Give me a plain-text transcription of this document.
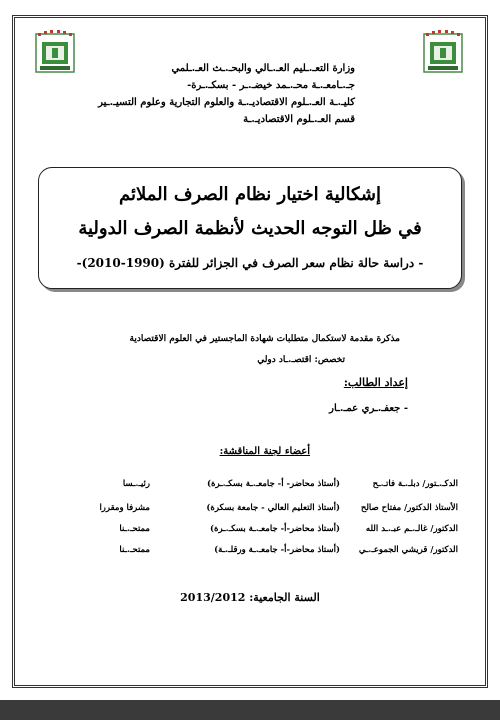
وزارة التعـ.ـليم العـ.ـالي والبحـ.ـث العـ.ـلمي
جـ.ـامعـ.ـة محـ.ـمد خيضـ.ـر - بسكـ.ـرة-
كليـ.ـة العـ.ـلوم الاقتصاديـ.ـة والعلوم التجارية وعلوم التسيـ.ـير
قسم العـ.ـلوم الاقتصاديـ.ـة
إشكالية اختيار نظام الصرف الملائم
في ظل التوجه الحديث لأنظمة الصرف الدولية
- دراسة حالة نظام سعر الصرف في الجزائر للفترة (1990-2010)-
مذكرة مقدمة لاستكمال متطلبات شهادة الماجستير في العلوم الاقتصادية
تخصص: اقتصـ.ـاد دولي
إعداد الطالب:
- جعفـ.ـري عمـ.ـار
أعضاء لجنة المناقشة:
الدكـ.ـتور/ دبلـ.ـة فاتـ.ـح
(أستاذ محاضر- أ- جامعـ.ـة بسكـ.ـرة)
رئيـ.ـسا
الأستاذ الدكتور/ مفتاح صالح
(أستاذ التعليم العالي - جامعة بسكرة)
مشرفا ومقررا
الدكتور/ غالـ.ـم عبـ.ـد الله
(أستاذ محاضر-أ- جامعـ.ـة بسكـ.ـرة)
ممتحـ.ـنا
الدكتور/ قريشي الجموعـ.ـي
(أستاذ محاضر-أ- جامعـ.ـة ورقلـ.ـة)
ممتحـ.ـنا
السنة الجامعية: 2013/2012
